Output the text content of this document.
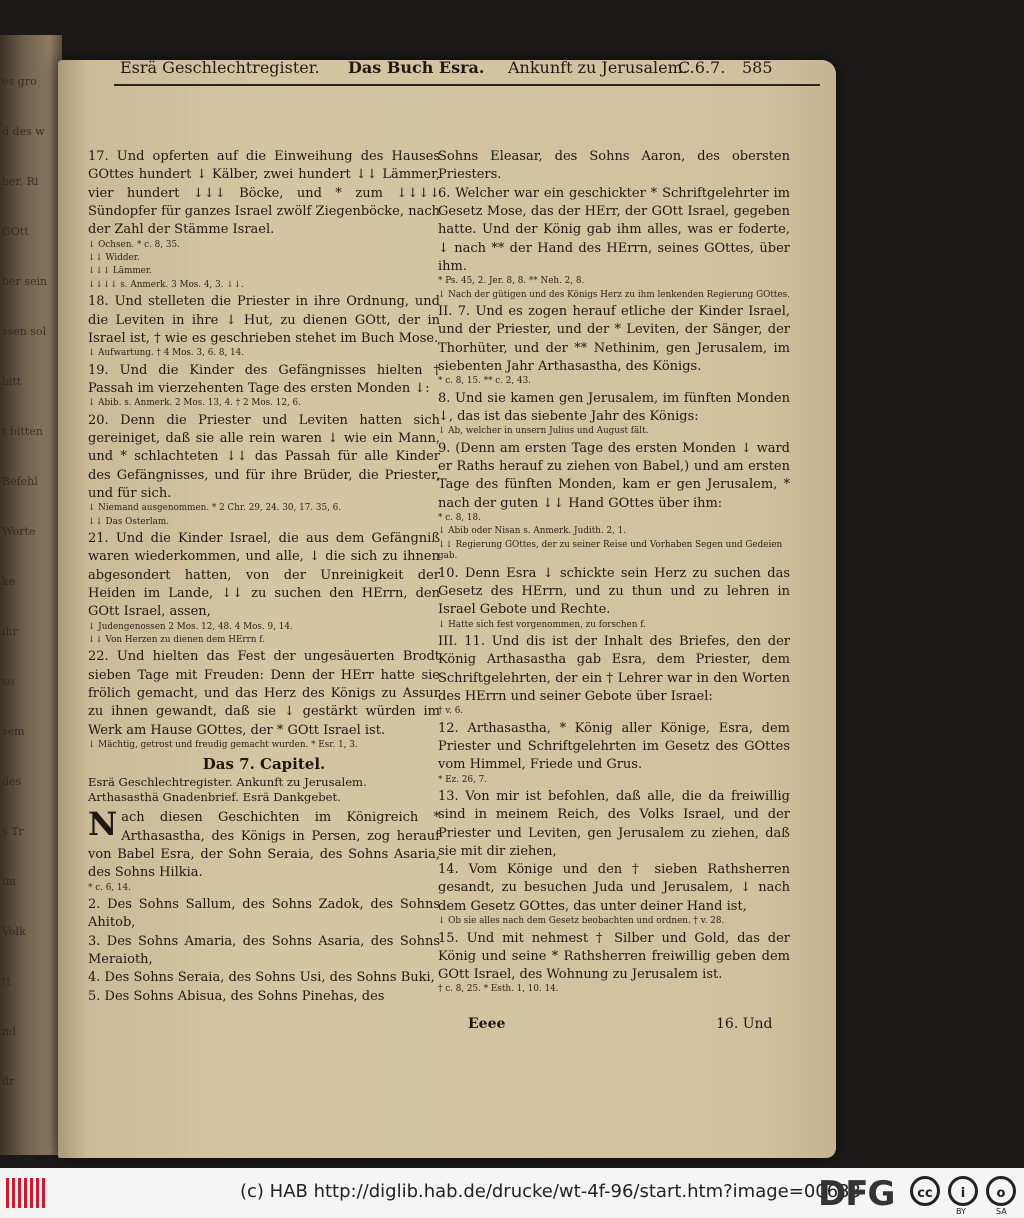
es gro
d des w
ber, Ri
GOtt
ber sein
ssen sol
bitt
t bitten
Befehl
Worte
ke
ihr
so
sem
des
s Tr
im
Volk
tt
nd
dr
Esrä Geschlechtregister. Das Buch Esra. Ankunft zu Jerusalem.
C.6.7. 585

17. Und opferten auf die Einweihung des Hauses GOttes hundert ↓ Kälber, zwei hundert ↓↓ Lämmer, vier hundert ↓↓↓ Böcke, und * zum ↓↓↓↓ Sündopfer für ganzes Israel zwölf Ziegenböcke, nach der Zahl der Stämme Israel.

↓ Ochsen. * c. 8, 35.

↓↓ Widder.

↓↓↓ Lämmer.

↓↓↓↓ s. Anmerk. 3 Mos. 4, 3. ↓↓.

18. Und stelleten die Priester in ihre Ordnung, und die Leviten in ihre ↓ Hut, zu dienen GOtt, der in Israel ist, † wie es geschrieben stehet im Buch Mose.

↓ Aufwartung. † 4 Mos. 3, 6. 8, 14.

19. Und die Kinder des Gefängnisses hielten † Passah im vierzehenten Tage des ersten Monden ↓:

↓ Abib. s. Anmerk. 2 Mos. 13, 4. † 2 Mos. 12, 6.

20. Denn die Priester und Leviten hatten sich gereiniget, daß sie alle rein waren ↓ wie ein Mann, und * schlachteten ↓↓ das Passah für alle Kinder des Gefängnisses, und für ihre Brüder, die Priester, und für sich.

↓ Niemand ausgenommen. * 2 Chr. 29, 24. 30, 17. 35, 6.

↓↓ Das Osterlam.

21. Und die Kinder Israel, die aus dem Gefängniß waren wiederkommen, und alle, ↓ die sich zu ihnen abgesondert hatten, von der Unreinigkeit der Heiden im Lande, ↓↓ zu suchen den HErrn, den GOtt Israel, assen,

↓ Judengenossen 2 Mos. 12, 48. 4 Mos. 9, 14.

↓↓ Von Herzen zu dienen dem HErrn f.

22. Und hielten das Fest der ungesäuerten Brodt sieben Tage mit Freuden: Denn der HErr hatte sie frölich gemacht, und das Herz des Königs zu Assur zu ihnen gewandt, daß sie ↓ gestärkt würden im Werk am Hause GOttes, der * GOtt Israel ist.

↓ Mächtig, getrost und freudig gemacht wurden. * Esr. 1, 3.

Das 7. Capitel.

Esrä Geschlechtregister. Ankunft zu Jerusalem. Arthasasthä Gnadenbrief. Esrä Dankgebet.

Nach diesen Geschichten im Königreich * Arthasastha, des Königs in Persen, zog herauf von Babel Esra, der Sohn Seraia, des Sohns Asaria, des Sohns Hilkia.

* c. 6, 14.

2. Des Sohns Sallum, des Sohns Zadok, des Sohns Ahitob,

3. Des Sohns Amaria, des Sohns Asaria, des Sohns Meraioth,

4. Des Sohns Seraia, des Sohns Usi, des Sohns Buki,

5. Des Sohns Abisua, des Sohns Pinehas, des

Sohns Eleasar, des Sohns Aaron, des obersten Priesters.

6. Welcher war ein geschickter * Schriftgelehrter im Gesetz Mose, das der HErr, der GOtt Israel, gegeben hatte. Und der König gab ihm alles, was er foderte, ↓ nach ** der Hand des HErrn, seines GOttes, über ihm.

* Ps. 45, 2. Jer. 8, 8. ** Neh. 2, 8.

↓ Nach der gütigen und des Königs Herz zu ihm lenkenden Regierung GOttes.

II. 7. Und es zogen herauf etliche der Kinder Israel, und der Priester, und der * Leviten, der Sänger, der Thorhüter, und der ** Nethinim, gen Jerusalem, im siebenten Jahr Arthasastha, des Königs.

* c. 8, 15. ** c. 2, 43.

8. Und sie kamen gen Jerusalem, im fünften Monden ↓, das ist das siebente Jahr des Königs:

↓ Ab, welcher in unsern Julius und August fält.

9. (Denn am ersten Tage des ersten Monden ↓ ward er Raths herauf zu ziehen von Babel,) und am ersten Tage des fünften Monden, kam er gen Jerusalem, * nach der guten ↓↓ Hand GOttes über ihm:

* c. 8, 18.

↓ Abib oder Nisan s. Anmerk. Judith. 2, 1.

↓↓ Regierung GOttes, der zu seiner Reise und Vorhaben Segen und Gedeien gab.

10. Denn Esra ↓ schickte sein Herz zu suchen das Gesetz des HErrn, und zu thun und zu lehren in Israel Gebote und Rechte.

↓ Hatte sich fest vorgenommen, zu forschen f.

III. 11. Und dis ist der Inhalt des Briefes, den der König Arthasastha gab Esra, dem Priester, dem Schriftgelehrten, der ein † Lehrer war in den Worten des HErrn und seiner Gebote über Israel:

† v. 6.

12. Arthasastha, * König aller Könige, Esra, dem Priester und Schriftgelehrten im Gesetz des GOttes vom Himmel, Friede und Grus.

* Ez. 26, 7.

13. Von mir ist befohlen, daß alle, die da freiwillig sind in meinem Reich, des Volks Israel, und der Priester und Leviten, gen Jerusalem zu ziehen, daß sie mit dir ziehen,

14. Vom Könige und den † sieben Rathsherren gesandt, zu besuchen Juda und Jerusalem, ↓ nach dem Gesetz GOttes, das unter deiner Hand ist,

↓ Ob sie alles nach dem Gesetz beobachten und ordnen. † v. 28.

15. Und mit nehmest † Silber und Gold, das der König und seine * Rathsherren freiwillig geben dem GOtt Israel, des Wohnung zu Jerusalem ist.

† c. 8, 25. * Esth. 1, 10. 14.

Eeee	16. Und
(c) HAB http://diglib.hab.de/drucke/wt-4f-96/start.htm?image=00633
DFG	cc	i	o
BY	SA
